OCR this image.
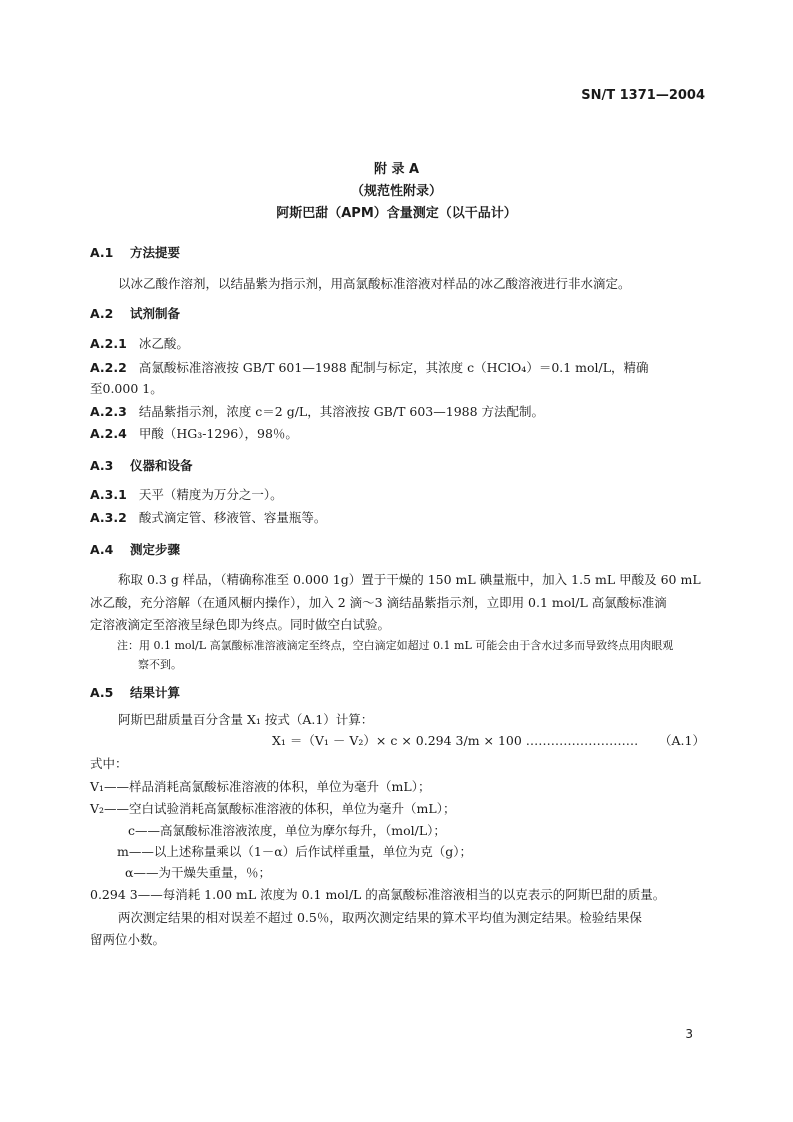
SN/T 1371—2004
附 录 A
（规范性附录）
阿斯巴甜（APM）含量测定（以干品计）
A.1 方法提要
以冰乙酸作溶剂，以结晶紫为指示剂，用高氯酸标准溶液对样品的冰乙酸溶液进行非水滴定。
A.2 试剂制备
A.2.1 冰乙酸。
A.2.2 高氯酸标准溶液按 GB/T 601—1988 配制与标定，其浓度 c（HClO₄）＝0.1 mol/L，精确
至0.000 1。
A.2.3 结晶紫指示剂，浓度 c＝2 g/L，其溶液按 GB/T 603—1988 方法配制。
A.2.4 甲酸（HG₃-1296），98％。
A.3 仪器和设备
A.3.1 天平（精度为万分之一）。
A.3.2 酸式滴定管、移液管、容量瓶等。
A.4 测定步骤
称取 0.3 g 样品，（精确称准至 0.000 1g）置于干燥的 150 mL 碘量瓶中，加入 1.5 mL 甲酸及 60 mL
冰乙酸，充分溶解（在通风橱内操作），加入 2 滴～3 滴结晶紫指示剂，立即用 0.1 mol/L 高氯酸标准滴
定溶液滴定至溶液呈绿色即为终点。同时做空白试验。
注：用 0.1 mol/L 高氯酸标准溶液滴定至终点，空白滴定如超过 0.1 mL 可能会由于含水过多而导致终点用肉眼观
察不到。
A.5 结果计算
阿斯巴甜质量百分含量 X₁ 按式（A.1）计算：
X₁ ＝（V₁ － V₂）× c × 0.294 3/m × 100 ……………………… （A.1）
式中：
V₁——样品消耗高氯酸标准溶液的体积，单位为毫升（mL）；
V₂——空白试验消耗高氯酸标准溶液的体积，单位为毫升（mL）；
c——高氯酸标准溶液浓度，单位为摩尔每升，（mol/L）；
m——以上述称量乘以（1－α）后作试样重量，单位为克（g）；
α——为干燥失重量，％；
0.294 3——每消耗 1.00 mL 浓度为 0.1 mol/L 的高氯酸标准溶液相当的以克表示的阿斯巴甜的质量。
两次测定结果的相对误差不超过 0.5％，取两次测定结果的算术平均值为测定结果。检验结果保
留两位小数。
3
